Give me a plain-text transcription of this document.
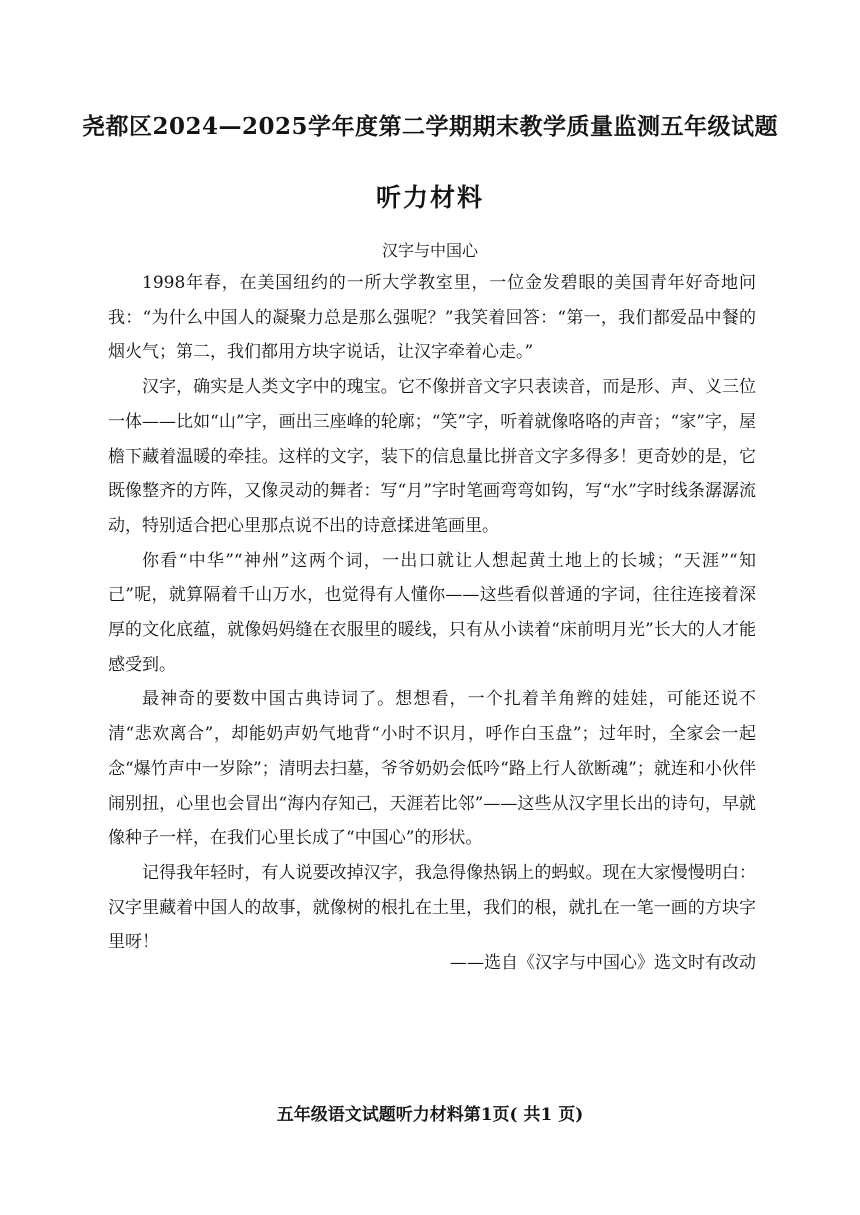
尧都区2024—2025学年度第二学期期末教学质量监测五年级试题
听力材料
汉字与中国心

1998年春，在美国纽约的一所大学教室里，一位金发碧眼的美国青年好奇地问我：“为什么中国人的凝聚力总是那么强呢？”我笑着回答：“第一，我们都爱品中餐的烟火气；第二，我们都用方块字说话，让汉字牵着心走。”

汉字，确实是人类文字中的瑰宝。它不像拼音文字只表读音，而是形、声、义三位一体——比如“山”字，画出三座峰的轮廓；“笑”字，听着就像咯咯的声音；“家”字，屋檐下藏着温暖的牵挂。这样的文字，装下的信息量比拼音文字多得多！更奇妙的是，它既像整齐的方阵，又像灵动的舞者：写“月”字时笔画弯弯如钩，写“水”字时线条潺潺流动，特别适合把心里那点说不出的诗意揉进笔画里。

你看“中华”“神州”这两个词，一出口就让人想起黄土地上的长城；“天涯”“知己”呢，就算隔着千山万水，也觉得有人懂你——这些看似普通的字词，往往连接着深厚的文化底蕴，就像妈妈缝在衣服里的暖线，只有从小读着“床前明月光”长大的人才能感受到。

最神奇的要数中国古典诗词了。想想看，一个扎着羊角辫的娃娃，可能还说不清“悲欢离合”，却能奶声奶气地背“小时不识月，呼作白玉盘”；过年时，全家会一起念“爆竹声中一岁除”；清明去扫墓，爷爷奶奶会低吟“路上行人欲断魂”；就连和小伙伴闹别扭，心里也会冒出“海内存知己，天涯若比邻”——这些从汉字里长出的诗句，早就像种子一样，在我们心里长成了“中国心”的形状。

记得我年轻时，有人说要改掉汉字，我急得像热锅上的蚂蚁。现在大家慢慢明白：汉字里藏着中国人的故事，就像树的根扎在土里，我们的根，就扎在一笔一画的方块字里呀！

——选自《汉字与中国心》选文时有改动
五年级语文试题听力材料第1页( 共1 页)
